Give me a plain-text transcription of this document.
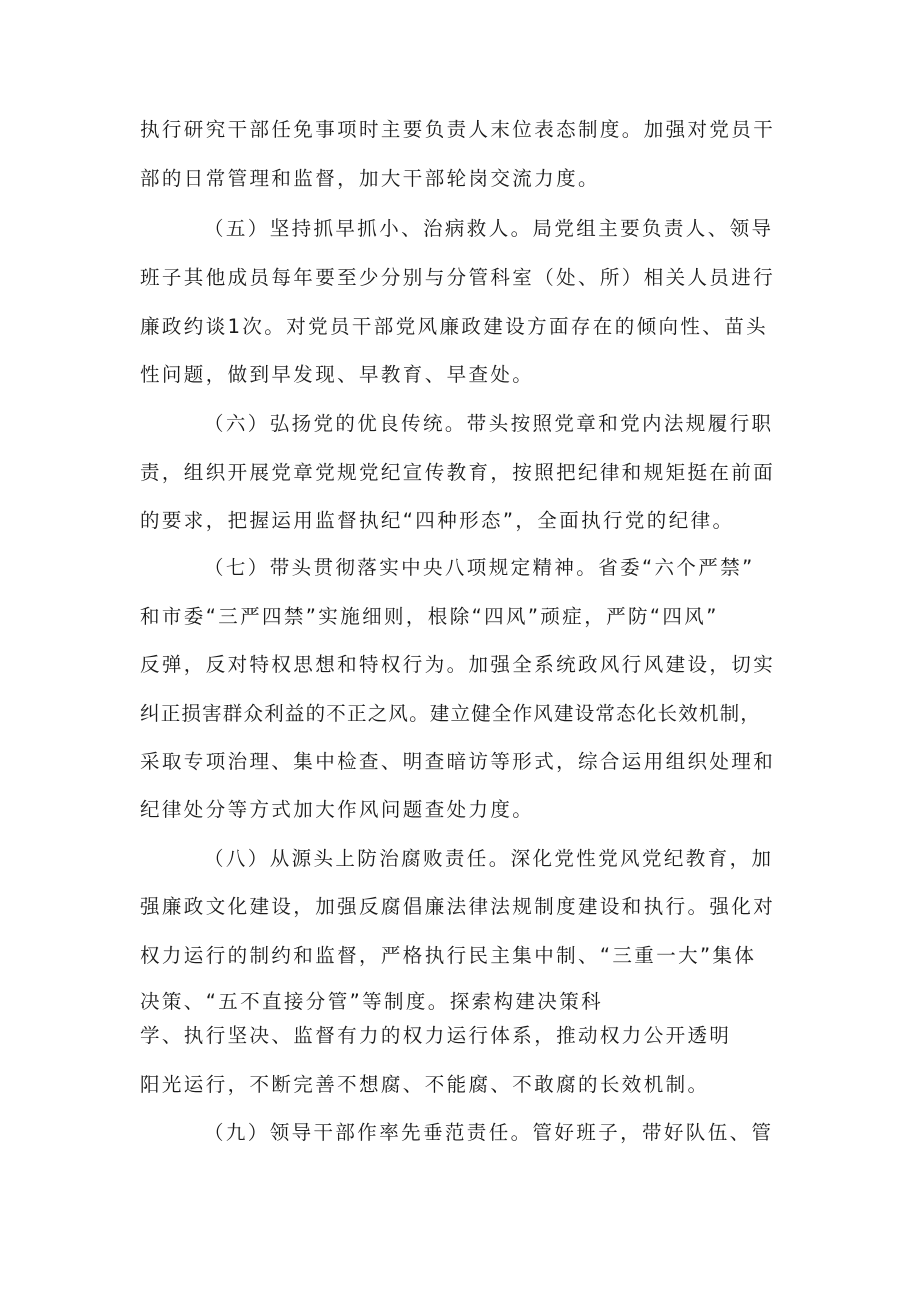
执行研究干部任免事项时主要负责人末位表态制度。加强对党员干
部的日常管理和监督，加大干部轮岗交流力度。
（五）坚持抓早抓小、治病救人。局党组主要负责人、领导
班子其他成员每年要至少分别与分管科室（处、所）相关人员进行
廉政约谈1次。对党员干部党风廉政建设方面存在的倾向性、苗头
性问题，做到早发现、早教育、早查处。
（六）弘扬党的优良传统。带头按照党章和党内法规履行职
责，组织开展党章党规党纪宣传教育，按照把纪律和规矩挺在前面
的要求，把握运用监督执纪“四种形态”，全面执行党的纪律。
（七）带头贯彻落实中央八项规定精神。省委“六个严禁”
和市委“三严四禁”实施细则，根除“四风”顽症，严防“四风”
反弹，反对特权思想和特权行为。加强全系统政风行风建设，切实
纠正损害群众利益的不正之风。建立健全作风建设常态化长效机制，
采取专项治理、集中检查、明查暗访等形式，综合运用组织处理和
纪律处分等方式加大作风问题查处力度。
（八）从源头上防治腐败责任。深化党性党风党纪教育，加
强廉政文化建设，加强反腐倡廉法律法规制度建设和执行。强化对
权力运行的制约和监督，严格执行民主集中制、“三重一大”集体
决策、“五不直接分管”等制度。探索构建决策科
学、执行坚决、监督有力的权力运行体系，推动权力公开透明
阳光运行，不断完善不想腐、不能腐、不敢腐的长效机制。
（九）领导干部作率先垂范责任。管好班子，带好队伍、管
